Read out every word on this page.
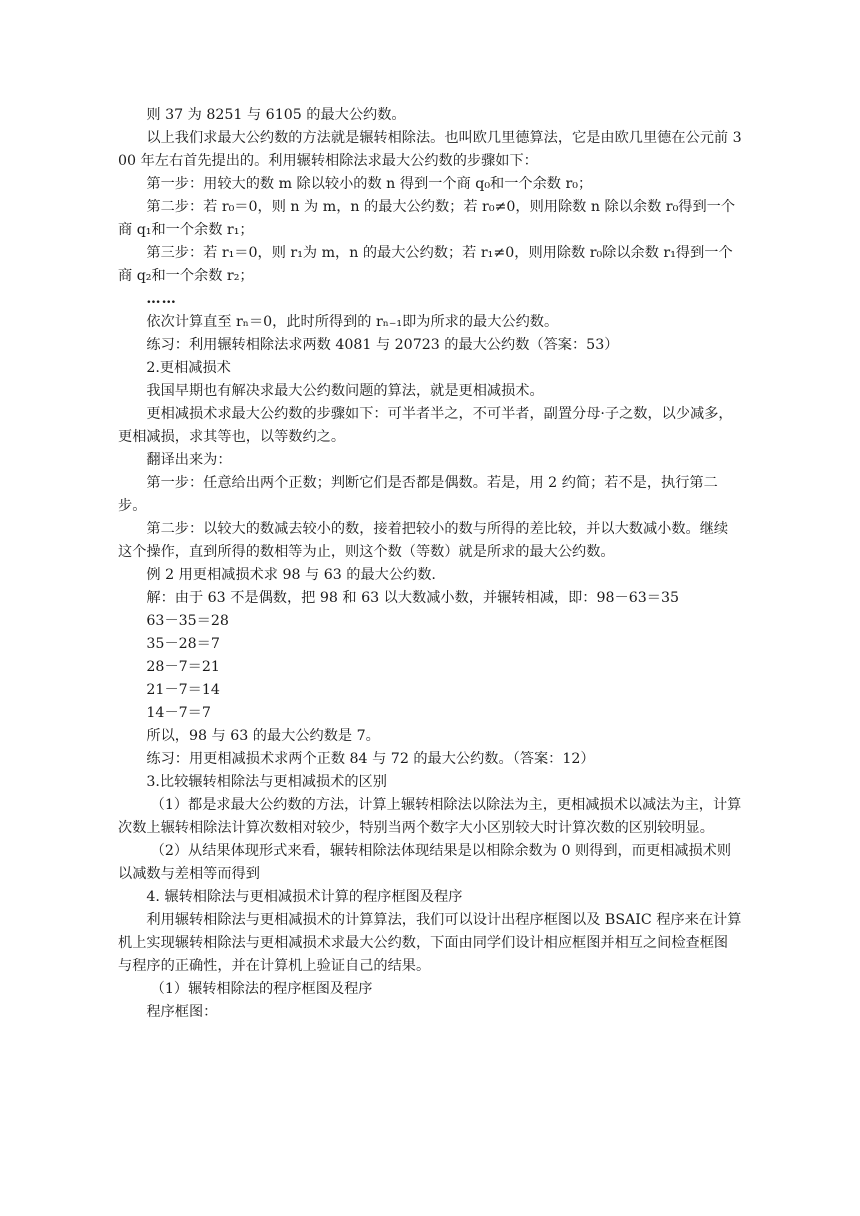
则 37 为 8251 与 6105 的最大公约数。

以上我们求最大公约数的方法就是辗转相除法。也叫欧几里德算法，它是由欧几里德在公元前 300 年左右首先提出的。利用辗转相除法求最大公约数的步骤如下：

第一步：用较大的数 m 除以较小的数 n 得到一个商 q₀和一个余数 r₀；

第二步：若 r₀＝0，则 n 为 m，n 的最大公约数；若 r₀≠0，则用除数 n 除以余数 r₀得到一个商 q₁和一个余数 r₁；

第三步：若 r₁＝0，则 r₁为 m，n 的最大公约数；若 r₁≠0，则用除数 r₀除以余数 r₁得到一个商 q₂和一个余数 r₂；

……

依次计算直至 rₙ＝0，此时所得到的 rₙ₋₁即为所求的最大公约数。

练习：利用辗转相除法求两数 4081 与 20723 的最大公约数（答案：53）

2.更相减损术

我国早期也有解决求最大公约数问题的算法，就是更相减损术。

更相减损术求最大公约数的步骤如下：可半者半之，不可半者，副置分母·子之数，以少减多，更相减损，求其等也，以等数约之。

翻译出来为：

第一步：任意给出两个正数；判断它们是否都是偶数。若是，用 2 约简；若不是，执行第二步。

第二步：以较大的数减去较小的数，接着把较小的数与所得的差比较，并以大数减小数。继续这个操作，直到所得的数相等为止，则这个数（等数）就是所求的最大公约数。

例 2 用更相减损术求 98 与 63 的最大公约数.

解：由于 63 不是偶数，把 98 和 63 以大数减小数，并辗转相减，即：98－63＝35

63－35＝28

35－28＝7

28－7＝21

21－7＝14

14－7＝7

所以，98 与 63 的最大公约数是 7。

练习：用更相减损术求两个正数 84 与 72 的最大公约数。（答案：12）

3.比较辗转相除法与更相减损术的区别

（1）都是求最大公约数的方法，计算上辗转相除法以除法为主，更相减损术以减法为主，计算次数上辗转相除法计算次数相对较少，特别当两个数字大小区别较大时计算次数的区别较明显。

（2）从结果体现形式来看，辗转相除法体现结果是以相除余数为 0 则得到，而更相减损术则以减数与差相等而得到

4. 辗转相除法与更相减损术计算的程序框图及程序

利用辗转相除法与更相减损术的计算算法，我们可以设计出程序框图以及 BSAIC 程序来在计算机上实现辗转相除法与更相减损术求最大公约数，下面由同学们设计相应框图并相互之间检查框图与程序的正确性，并在计算机上验证自己的结果。

（1）辗转相除法的程序框图及程序

程序框图：
